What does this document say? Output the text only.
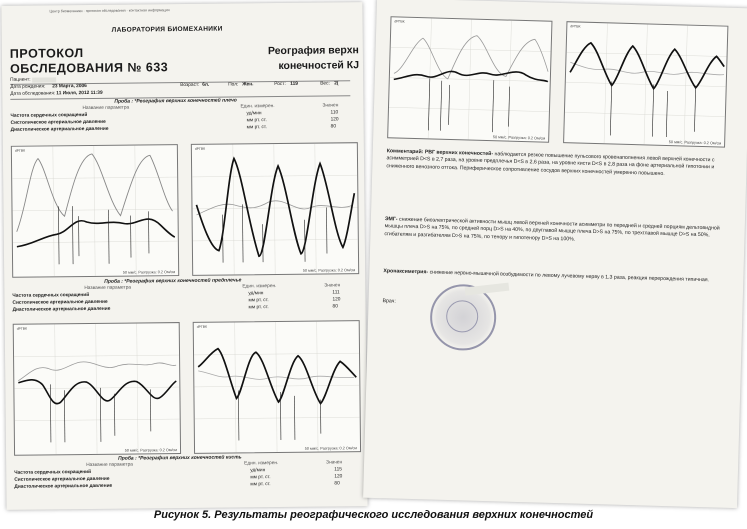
Центр биомеханики · протокол обследования · контактная информация
ЛАБОРАТОРИЯ БИОМЕХАНИКИ
ПРОТОКОЛ
ОБСЛЕДОВАНИЯ № 633
Реография верхн
конечностей КЈ
Пациент:
Дата рождения: 23 Марта, 2006	Возраст: 6л.	Пол: Жен.	Рост: 119	Вес: 2(
Дата обследования: 11 Июля, 2012 11:39
Проба : *Реография верхних конечностей плечо
Название параметра	Един. измерен.	Значен
Частота сердечных сокращений	уд/мин	110
Систолическое артериальное давление	мм рт. ст.	120
Диастолическое артериальное давление	мм рт. ст.	80
dРГВК
50 мм/с. Разгрузка: 0.2 Ом/см
dРГВК
50 мм/с. Разгрузка: 0.2 Ом/см
Проба : *Реография верхних конечностей предплечье
Название параметра	Един. измерен.	Значен
Частота сердечных сокращений	уд/мин	111
Систолическое артериальное давление	мм рт. ст.	120
Диастолическое артериальное давление	мм рт. ст.	80
dРГВК
50 мм/с. Разгрузка: 0.2 Ом/см
dРГВК
50 мм/с. Разгрузка: 0.2 Ом/см
Проба : *Реография верхних конечностей кисть
Название параметра	Един. измерен.	Значен
Частота сердечных сокращений	уд/мин	115
Систолическое артериальное давление	мм рт. ст.	120
Диастолическое артериальное давление	мм рт. ст.	80
dРГВК
50 мм/с. Разгрузка: 0.2 Ом/см
dРГВК
50 мм/с. Разгрузка: 0.2 Ом/см
Комментарий: РВГ верхних конечностей- наблюдается резкое повышение пульсового кровенаполнения левой верхней конечности с асимметрией D<S в 2,7 раза, на уровне предплечья D<S в 2,6 раза, на уровне кисти D<S в 2,8 раза на фоне артериальной гипотонии и сниженного венозного оттока. Периферическое сопротивление сосудов верхних конечностей умеренно повышено.
ЭМГ- снижение биоэлектрической активности мышц левой верхней конечности асимметри по передней и средней порциям дельтовидной мышцы плеча D>S на 75%, по средней порц D>S на 40%, по двуглавой мышце плеча D>S на 75%, по трехглавой мышце D>S на 50%, сгибателям и разгибателям D>S на 75%, по тенору и гипотенору D>S на 100%.
Хронаксиметрия- снижение нервно-мышечной возбудимости по левому лучевому нерву в 1,3 раза, реакция перерождения типичная.
Врач:
Рисунок 5. Результаты реографического исследования верхних конечностей
